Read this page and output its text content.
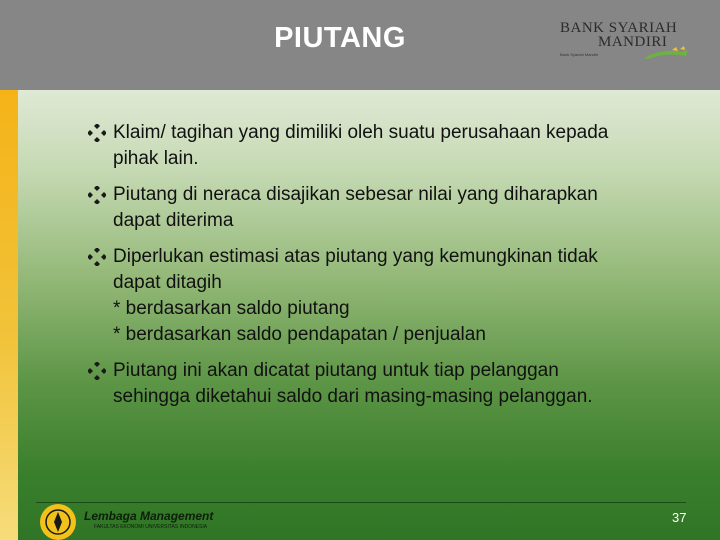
PIUTANG	BANK SYARIAH
MANDIRI
Bank Syariah Mandiri
Klaim/ tagihan yang dimiliki oleh suatu perusahaan kepada
pihak lain.
Piutang di neraca disajikan sebesar nilai yang diharapkan
dapat diterima
Diperlukan estimasi atas piutang yang kemungkinan tidak
dapat ditagih
* berdasarkan saldo piutang
* berdasarkan saldo pendapatan / penjualan
Piutang ini akan dicatat piutang untuk tiap pelanggan
sehingga diketahui saldo dari masing-masing pelanggan.
Lembaga Management
FAKULTAS EKONOMI UNIVERSITAS INDONESIA
37
